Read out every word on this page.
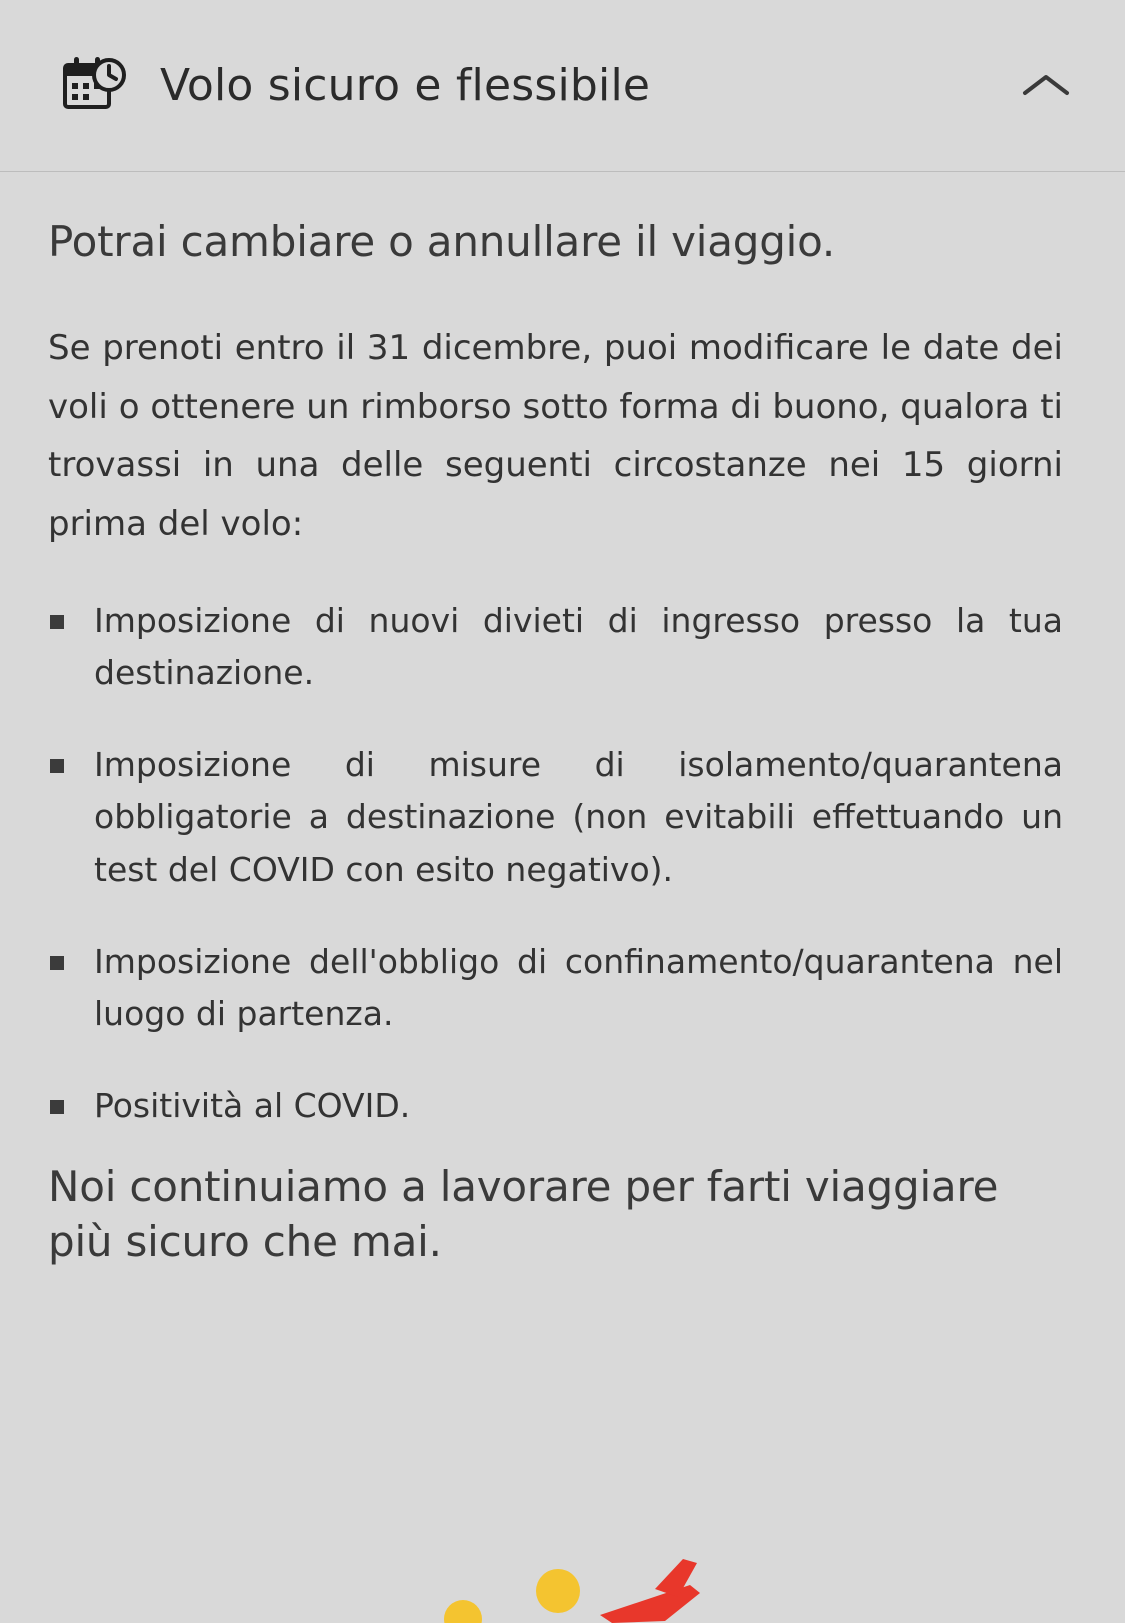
Volo sicuro e flessibile

Potrai cambiare o annullare il viaggio.

Se prenoti entro il 31 dicembre, puoi modificare le date dei voli o ottenere un rimborso sotto forma di buono, qualora ti trovassi in una delle seguenti circostanze nei 15 giorni prima del volo:

Imposizione di nuovi divieti di ingresso presso la tua destinazione.
Imposizione di misure di isolamento/quarantena obbligatorie a destinazione (non evitabili effettuando un test del COVID con esito negativo).
Imposizione dell'obbligo di confinamento/quarantena nel luogo di partenza.
Positività al COVID.

Noi continuiamo a lavorare per farti viaggiare più sicuro che mai.
